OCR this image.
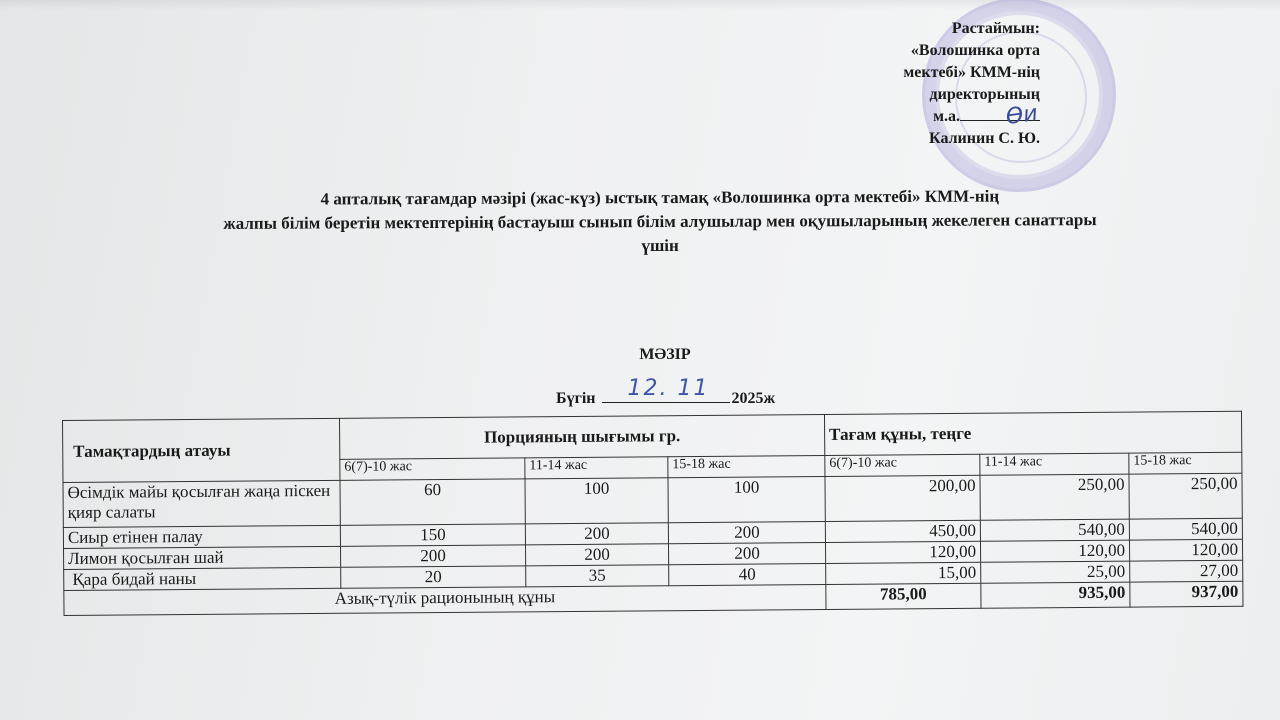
Растаймын:
«Волошинка орта
мектебі» КММ-нің
директорының
м.а.
Калинин С. Ю.
Ѳи
4 апталық тағамдар мәзірі (жас-күз) ыстық тамақ «Волошинка орта мектебі» КММ-нің
жалпы білім беретін мектептерінің бастауыш сынып білім алушылар мен оқушыларының жекелеген санаттары
үшін
МӘЗІР
Бүгін 12. 11 2025ж
Тамақтардың атауы	Порцияның шығымы гр.			Тағам құны, теңге		
	6(7)-10 жас	11-14 жас	15-18 жас	6(7)-10 жас	11-14 жас	15-18 жас
Өсімдік майы қосылған жаңа піскен қияр салаты	60	100	100	200,00	250,00	250,00
Сиыр етінен палау	150	200	200	450,00	540,00	540,00
Лимон қосылған шай	200	200	200	120,00	120,00	120,00
Қара бидай наны	20	35	40	15,00	25,00	27,00
Азық-түлік рационының құны				785,00	935,00	937,00
